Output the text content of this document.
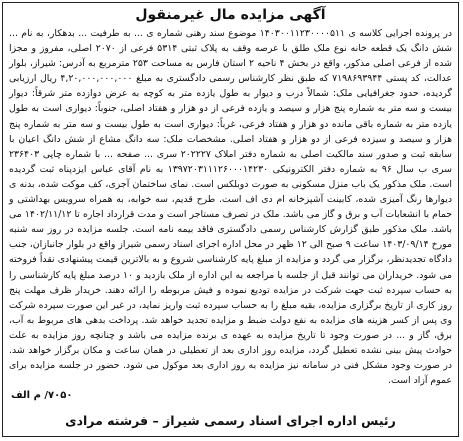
آگهی مزایده مال غیرمنقول

در پرونده اجرایی کلاسه ی ۱۴۰۳۰۰۱۱۲۳۰۰۰۰۵۱۱ موضوع سند رهنی شماره ی ... به طرفیت ... بدهکار، به نام ... شش دانگ یک قطعه خانه نوع ملک طلق با عرصه وقف به پلاک ثبتی ۵۳۱۴ فرعی از ۲۰۷۰ اصلی، مفروز و مجزا شده از فرعی اصلی مذکور، واقع در بخش ۴ ناحیه ۲ استان فارس به مساحت ۲۵۳ مترمربع به آدرس: شیراز، بلوار عدالت، کد پستی ۷۱۹۸۶۹۳۹۴۴ که طبق نظر کارشناس رسمی دادگستری به مبلغ ۴,۲۰,۰۰۰,۰۰۰,۰۰۰ ریال ارزیابی گردیده، حدود جغرافیایی ملک: شمالاً درب و دیوار به طول یازده متر به کوچه به عرض دوازده متر شرقاً: دیوار بیست و سه متر به شماره پنج هزار و سیصد و یازده فرعی از دو هزار و هفتاد اصلی، جنوباً: دیواری است به طول یازده متر به شماره باقی مانده دو هزار و هفتاد فرعی، غرباً: دیواری است به طول بیست و سه متر به شماره پنج هزار و سیصد و سیزده فرعی از دو هزار و هفتاد اصلی. مشخصات ملک: سه دانگ مشاع از شش دانگ اعیان با سابقه ثبت و صدور سند مالکیت اصلی به شماره دفتر املاک ۲۰۲۲۲۷ سری ... صفحه ... با شماره چاپی ۲۳۶۴۰۳ سری ب سال ۹۶ به شماره دفتر الکترونیکی ۱۳۹۷۲۰۳۱۱۱۲۶۰۰۰۱۴۲۳۰ به نام آقای عباس ایزدپناه ثبت گردیده است. ملک مذکور یک باب منزل مسکونی به صورت دوبلکس است. نمای ساختمان آجری، کف موکت شده، بدنه ی دیوارها رنگ آمیزی شده، کابینت آشپزخانه ام دی اف است. طرح قدیم، سه خوابه، به همراه سرویس بهداشتی و حمام با انشعابات آب و برق و گاز می باشد. ملک در تصرف مستاجر است و مدت قرارداد اجاره تا ۱۴۰۲/۱۱/۱۲ می باشد. ملک مذکور طبق گزارش کارشناس رسمی دادگستری فاقد بیمه نامه است. جلسه مزایده در روز سه شنبه مورخ ۱۴۰۳/۰۹/۱۴ ساعت ۹ صبح الی ۱۲ ظهر در محل اداره اجرای اسناد رسمی شیراز واقع در بلوار جانبازان، جنب دادگاه تجدیدنظر، برگزار می گردد و مزایده از مبلغ پایه کارشناسی شروع و به بالاترین قیمت پیشنهادی نقداً فروخته می شود. خریداران می توانند قبل از جلسه با مراجعه به این اداره از ملک بازدید و ۱۰ درصد مبلغ پایه کارشناسی را به حساب سپرده ثبت جهت شرکت در مزایده تودیع نموده و فیش مربوطه را ارائه دهند. خریدار ظرف مهلت پنج روز کاری از تاریخ برگزاری مزایده، بقیه مبلغ را به حساب سپرده ثبت واریز نماید، در غیر این صورت سپرده شرکت وی پس از کسر هزینه های مزایده به نفع دولت ضبط و مزایده تجدید خواهد شد. پرداخت بدهی های مربوط به آب، برق، گاز و ... در صورت وجود تا تاریخ مزایده به عهده ی برنده مزایده می باشد و چنانچه روز مزایده به علت حوادث پیش بینی نشده تعطیل گردد، مزایده روز اداری بعد از تعطیلی در همان ساعت و مکان برگزار خواهد شد. در صورت وجود مشکل فنی در سامانه نیز مزایده به روز اداری بعد موکول می شود. حضور در جلسه مزایده برای عموم آزاد است.

۷۰۵۰/ م الف
رئیس اداره اجرای اسناد رسمی شیراز – فرشته مرادی
